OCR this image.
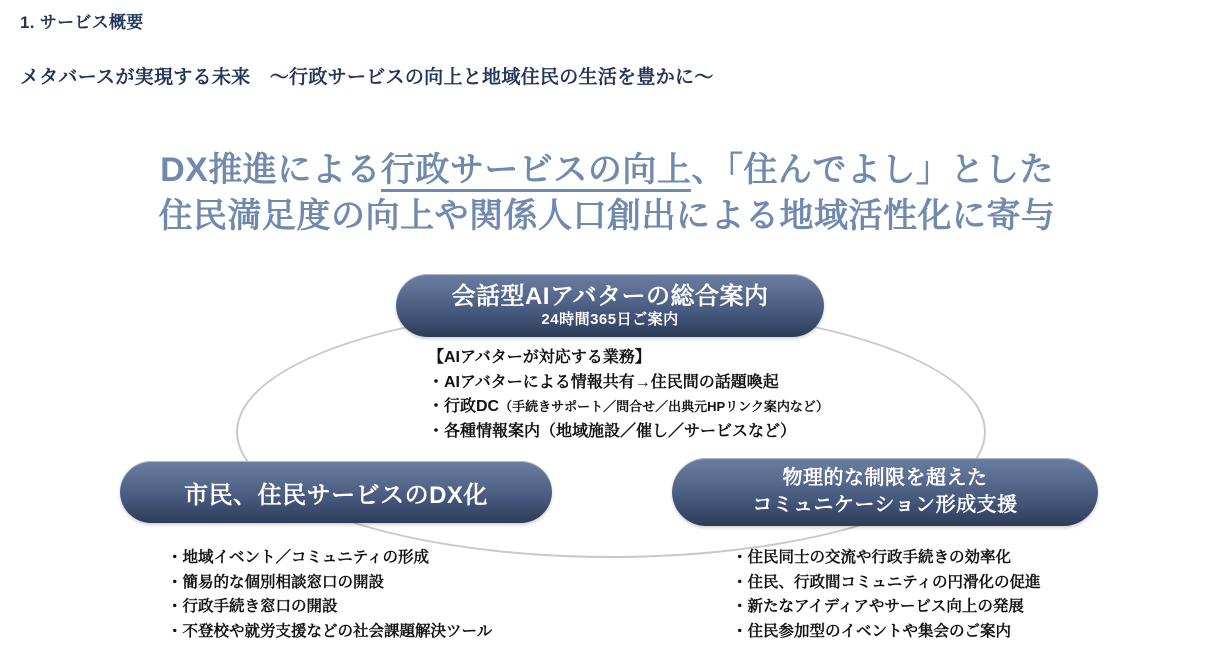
1. サービス概要
メタバースが実現する未来　～行政サービスの向上と地域住民の生活を豊かに～
DX推進による行政サービスの向上、「住んでよし」とした
住民満足度の向上や関係人口創出による地域活性化に寄与
会話型AIアバターの総合案内
24時間365日ご案内
【AIアバターが対応する業務】
・AIアバターによる情報共有→住民間の話題喚起
・行政DC（手続きサポート／問合せ／出典元HPリンク案内など）
・各種情報案内（地域施設／催し／サービスなど）
市民、住民サービスのDX化
物理的な制限を超えた
コミュニケーション形成支援
・地域イベント／コミュニティの形成
・簡易的な個別相談窓口の開設
・行政手続き窓口の開設
・不登校や就労支援などの社会課題解決ツール
・住民同士の交流や行政手続きの効率化
・住民、行政間コミュニティの円滑化の促進
・新たなアイディアやサービス向上の発展
・住民参加型のイベントや集会のご案内
